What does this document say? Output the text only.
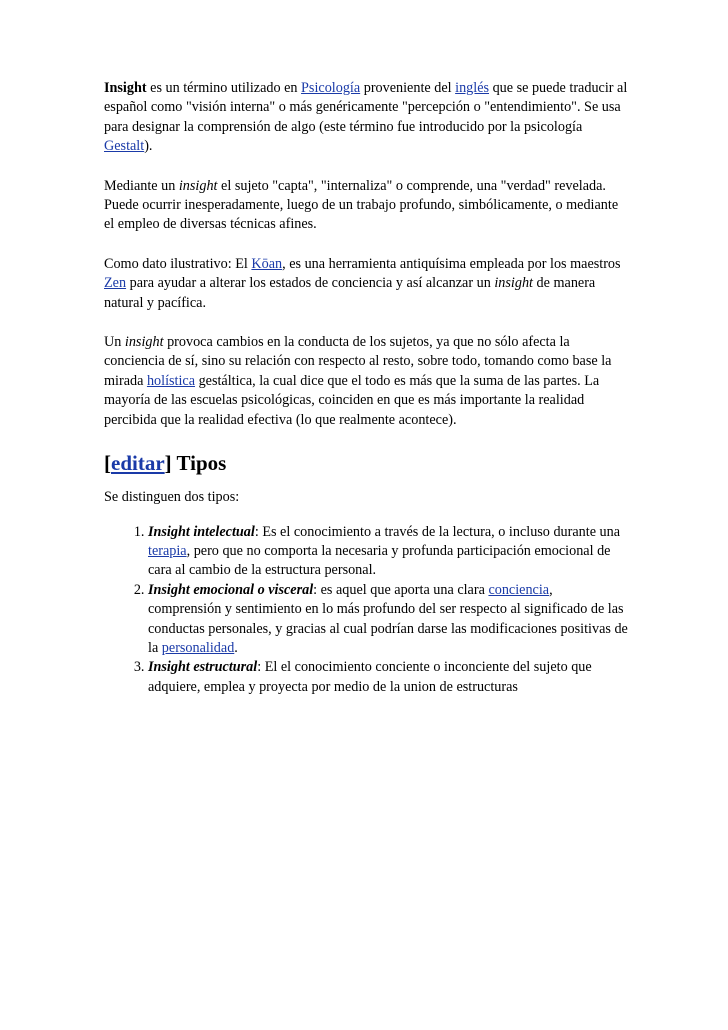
Insight es un término utilizado en Psicología proveniente del inglés que se puede traducir al español como "visión interna" o más genéricamente "percepción o "entendimiento". Se usa para designar la comprensión de algo (este término fue introducido por la psicología Gestalt).

Mediante un insight el sujeto "capta", "internaliza" o comprende, una "verdad" revelada. Puede ocurrir inesperadamente, luego de un trabajo profundo, simbólicamente, o mediante el empleo de diversas técnicas afines.

Como dato ilustrativo: El Kōan, es una herramienta antiquísima empleada por los maestros Zen para ayudar a alterar los estados de conciencia y así alcanzar un insight de manera natural y pacífica.

Un insight provoca cambios en la conducta de los sujetos, ya que no sólo afecta la conciencia de sí, sino su relación con respecto al resto, sobre todo, tomando como base la mirada holística gestáltica, la cual dice que el todo es más que la suma de las partes. La mayoría de las escuelas psicológicas, coinciden en que es más importante la realidad percibida que la realidad efectiva (lo que realmente acontece).

[editar] Tipos

Se distinguen dos tipos:

1. Insight intelectual: Es el conocimiento a través de la lectura, o incluso durante una terapia, pero que no comporta la necesaria y profunda participación emocional de cara al cambio de la estructura personal.
2. Insight emocional o visceral: es aquel que aporta una clara conciencia, comprensión y sentimiento en lo más profundo del ser respecto al significado de las conductas personales, y gracias al cual podrían darse las modificaciones positivas de la personalidad.
3. Insight estructural: El el conocimiento conciente o inconciente del sujeto que adquiere, emplea y proyecta por medio de la union de estructuras
